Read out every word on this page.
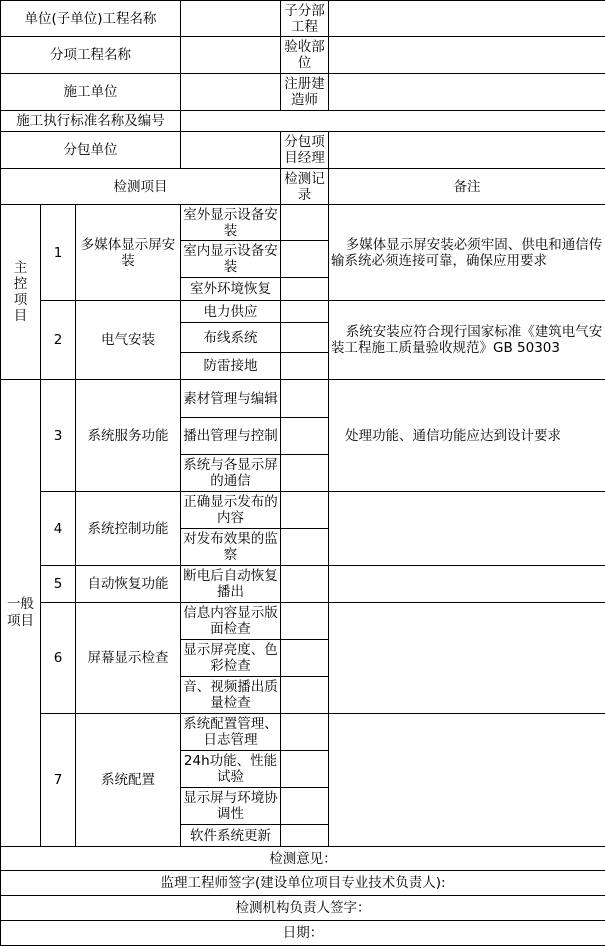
单位(子单位)工程名称				子分部工程	
分项工程名称				验收部位	
施工单位				注册建造师	
施工执行标准名称及编号					
分包单位				分包项目经理	
检测项目				检测记录	备注

主控项目	1	多媒体显示屏安装	室外显示设备安装		多媒体显示屏安装必须牢固、供电和通信传输系统必须连接可靠，确保应用要求
			室内显示设备安装		
			室外环境恢复		
	2	电气安装	电力供应		系统安装应符合现行国家标准《建筑电气安装工程施工质量验收规范》GB 50303
			布线系统		
			防雷接地		

一般项目	3	系统服务功能	素材管理与编辑		处理功能、通信功能应达到设计要求
			播出管理与控制		
			系统与各显示屏的通信		
	4	系统控制功能	正确显示发布的内容		
			对发布效果的监察		
	5	自动恢复功能	断电后自动恢复播出		
	6	屏幕显示检查	信息内容显示版面检查		
			显示屏亮度、色彩检查		
			音、视频播出质量检查		
	7	系统配置	系统配置管理、日志管理		
			24h功能、性能试验		
			显示屏与环境协调性		
			软件系统更新		
检测意见：					
监理工程师签字(建设单位项目专业技术负责人):					
检测机构负责人签字：					
日期：					
